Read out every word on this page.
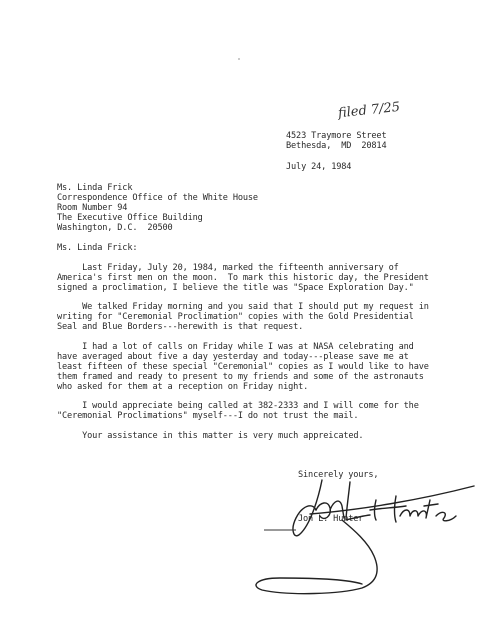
filed 7/25
4523 Traymore Street
Bethesda,  MD  20814
July 24, 1984
Ms. Linda Frick
Correspondence Office of the White House
Room Number 94
The Executive Office Building
Washington, D.C.  20500
Ms. Linda Frick:
Last Friday, July 20, 1984, marked the fifteenth anniversary of
America's first men on the moon.  To mark this historic day, the President
signed a proclimation, I believe the title was "Space Exploration Day."
We talked Friday morning and you said that I should put my request in
writing for "Ceremonial Proclimation" copies with the Gold Presidential
Seal and Blue Borders---herewith is that request.
I had a lot of calls on Friday while I was at NASA celebrating and
have averaged about five a day yesterday and today---please save me at
least fifteen of these special "Ceremonial" copies as I would like to have
them framed and ready to present to my friends and some of the astronauts
who asked for them at a reception on Friday night.
I would appreciate being called at 382-2333 and I will come for the
"Ceremonial Proclimations" myself---I do not trust the mail.
Your assistance in this matter is very much appreicated.
Sincerely yours,
Jon L. Hunter
